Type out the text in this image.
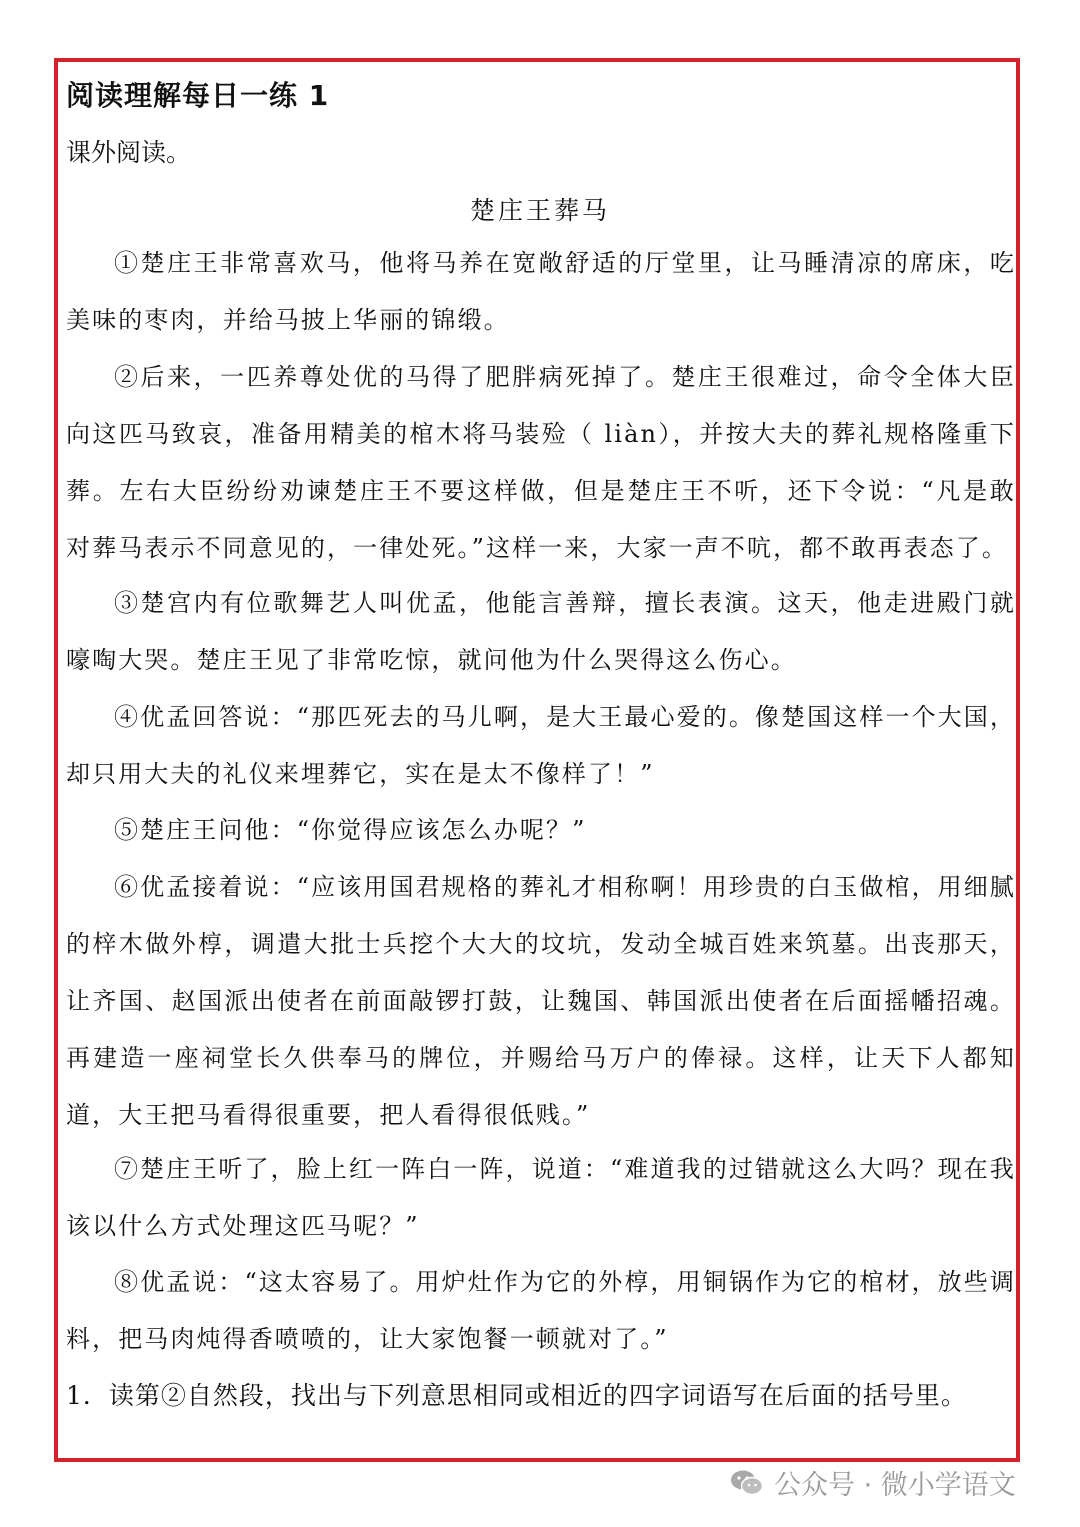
阅读理解每日一练 1
课外阅读。
楚庄王葬马

①楚庄王非常喜欢马，他将马养在宽敞舒适的厅堂里，让马睡清凉的席床，吃美味的枣肉，并给马披上华丽的锦缎。

②后来，一匹养尊处优的马得了肥胖病死掉了。楚庄王很难过，命令全体大臣向这匹马致哀，准备用精美的棺木将马装殓（ liàn），并按大夫的葬礼规格隆重下葬。左右大臣纷纷劝谏楚庄王不要这样做，但是楚庄王不听，还下令说：“凡是敢对葬马表示不同意见的，一律处死。”这样一来，大家一声不吭，都不敢再表态了。

③楚宫内有位歌舞艺人叫优孟，他能言善辩，擅长表演。这天，他走进殿门就嚎啕大哭。楚庄王见了非常吃惊，就问他为什么哭得这么伤心。

④优孟回答说：“那匹死去的马儿啊，是大王最心爱的。像楚国这样一个大国，却只用大夫的礼仪来埋葬它，实在是太不像样了！”

⑤楚庄王问他：“你觉得应该怎么办呢？”

⑥优孟接着说：“应该用国君规格的葬礼才相称啊！用珍贵的白玉做棺，用细腻的梓木做外椁，调遣大批士兵挖个大大的坟坑，发动全城百姓来筑墓。出丧那天，让齐国、赵国派出使者在前面敲锣打鼓，让魏国、韩国派出使者在后面摇幡招魂。再建造一座祠堂长久供奉马的牌位，并赐给马万户的俸禄。这样，让天下人都知道，大王把马看得很重要，把人看得很低贱。”

⑦楚庄王听了，脸上红一阵白一阵，说道：“难道我的过错就这么大吗？现在我该以什么方式处理这匹马呢？”

⑧优孟说：“这太容易了。用炉灶作为它的外椁，用铜锅作为它的棺材，放些调料，把马肉炖得香喷喷的，让大家饱餐一顿就对了。”

1．读第②自然段，找出与下列意思相同或相近的四字词语写在后面的括号里。
公众号 · 微小学语文
